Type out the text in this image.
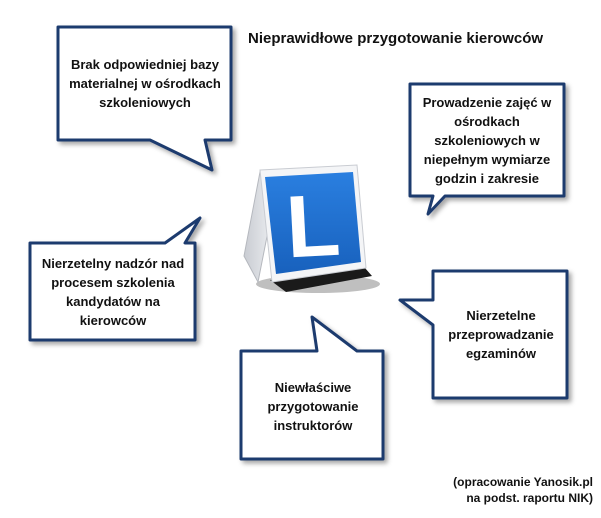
L
Nieprawidłowe przygotowanie kierowców
Brak odpowiedniej bazy materialnej w ośrodkach szkoleniowych	Prowadzenie zajęć w ośrodkach szkoleniowych w niepełnym wymiarze godzin i zakresie
Nierzetelny nadzór nad procesem szkolenia kandydatów na kierowców	Nierzetelne przeprowadzanie egzaminów
Niewłaściwe przygotowanie instruktorów
(opracowanie Yanosik.pl
na podst. raportu NIK)
